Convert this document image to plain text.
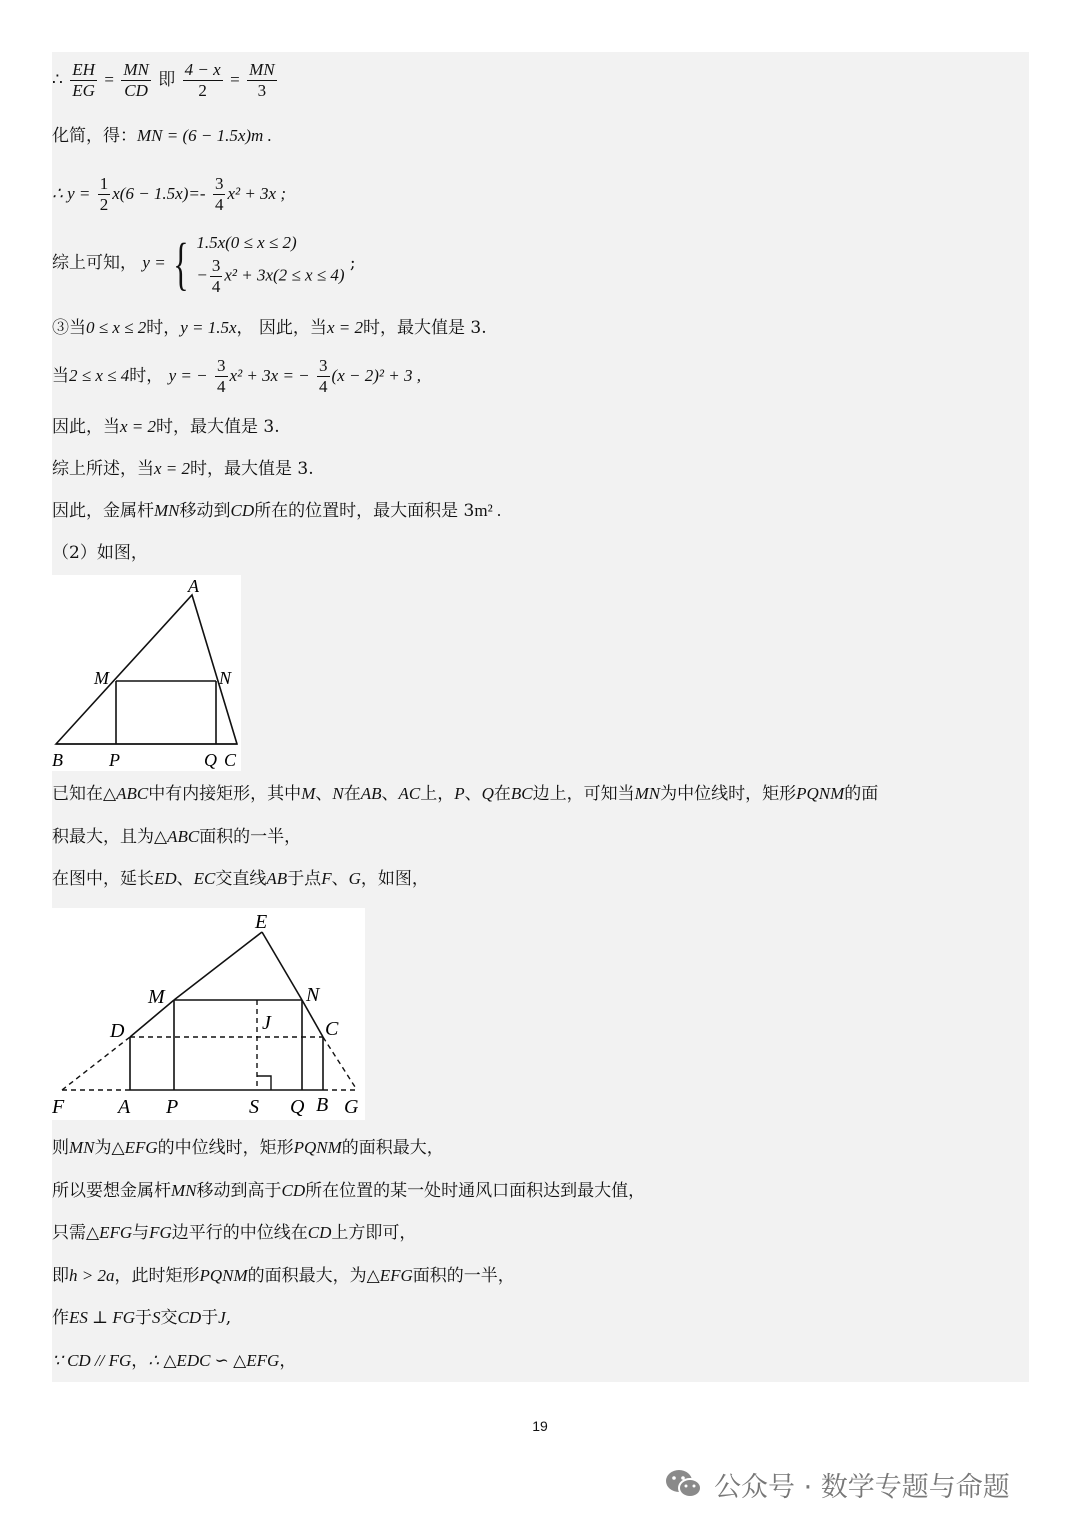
∴ $\frac{EH}{EG} = \frac{MN}{CD}$ 即 $\frac{4 - x}{2} = \frac{MN}{3}$
化简，得：MN = (6 − 1.5x)m .
∴ $y = \frac{1}{2} x(6 - 1.5x)=- \frac{3}{4} x^2 + 3x$ ;
综上可知， y = { 1.5x(0 ≤ x ≤ 2)
− $\frac{3}{4} x^2 + 3x(2 \le x \le 4)$
;
③当0 ≤ x ≤ 2时，y = 1.5x， 因此，当x = 2时，最大值是 3.
当2 ≤ x ≤ 4时， y = − $\frac{3}{4} x^2 + 3x$ = − $\frac{3}{4} (x - 2)^2 + 3$ ,
因此，当x = 2时，最大值是 3.
综上所述，当x = 2时，最大值是 3.
因此，金属杆MN移动到CD所在的位置时，最大面积是 3m² .
（2）如图，
A
M	N
B	P	Q C
已知在△ABC中有内接矩形，其中M、N在AB、AC上，P、Q在BC边上，可知当MN为中位线时，矩形PQNM的面
积最大，且为△ABC面积的一半，
在图中，延长ED、EC交直线AB于点F、G，如图，
E
M	N
D	J	C
F	A P	S Q B G
则MN为△EFG的中位线时，矩形PQNM的面积最大，
所以要想金属杆MN移动到高于CD所在位置的某一处时通风口面积达到最大值，
只需△EFG与FG边平行的中位线在CD上方即可，
即h > 2a，此时矩形PQNM的面积最大，为△EFG面积的一半，
作ES ⊥ FG于S交CD于J,
∵ CD // FG，∴ △EDC ∽ △EFG，
19
公众号 · 数学专题与命题
